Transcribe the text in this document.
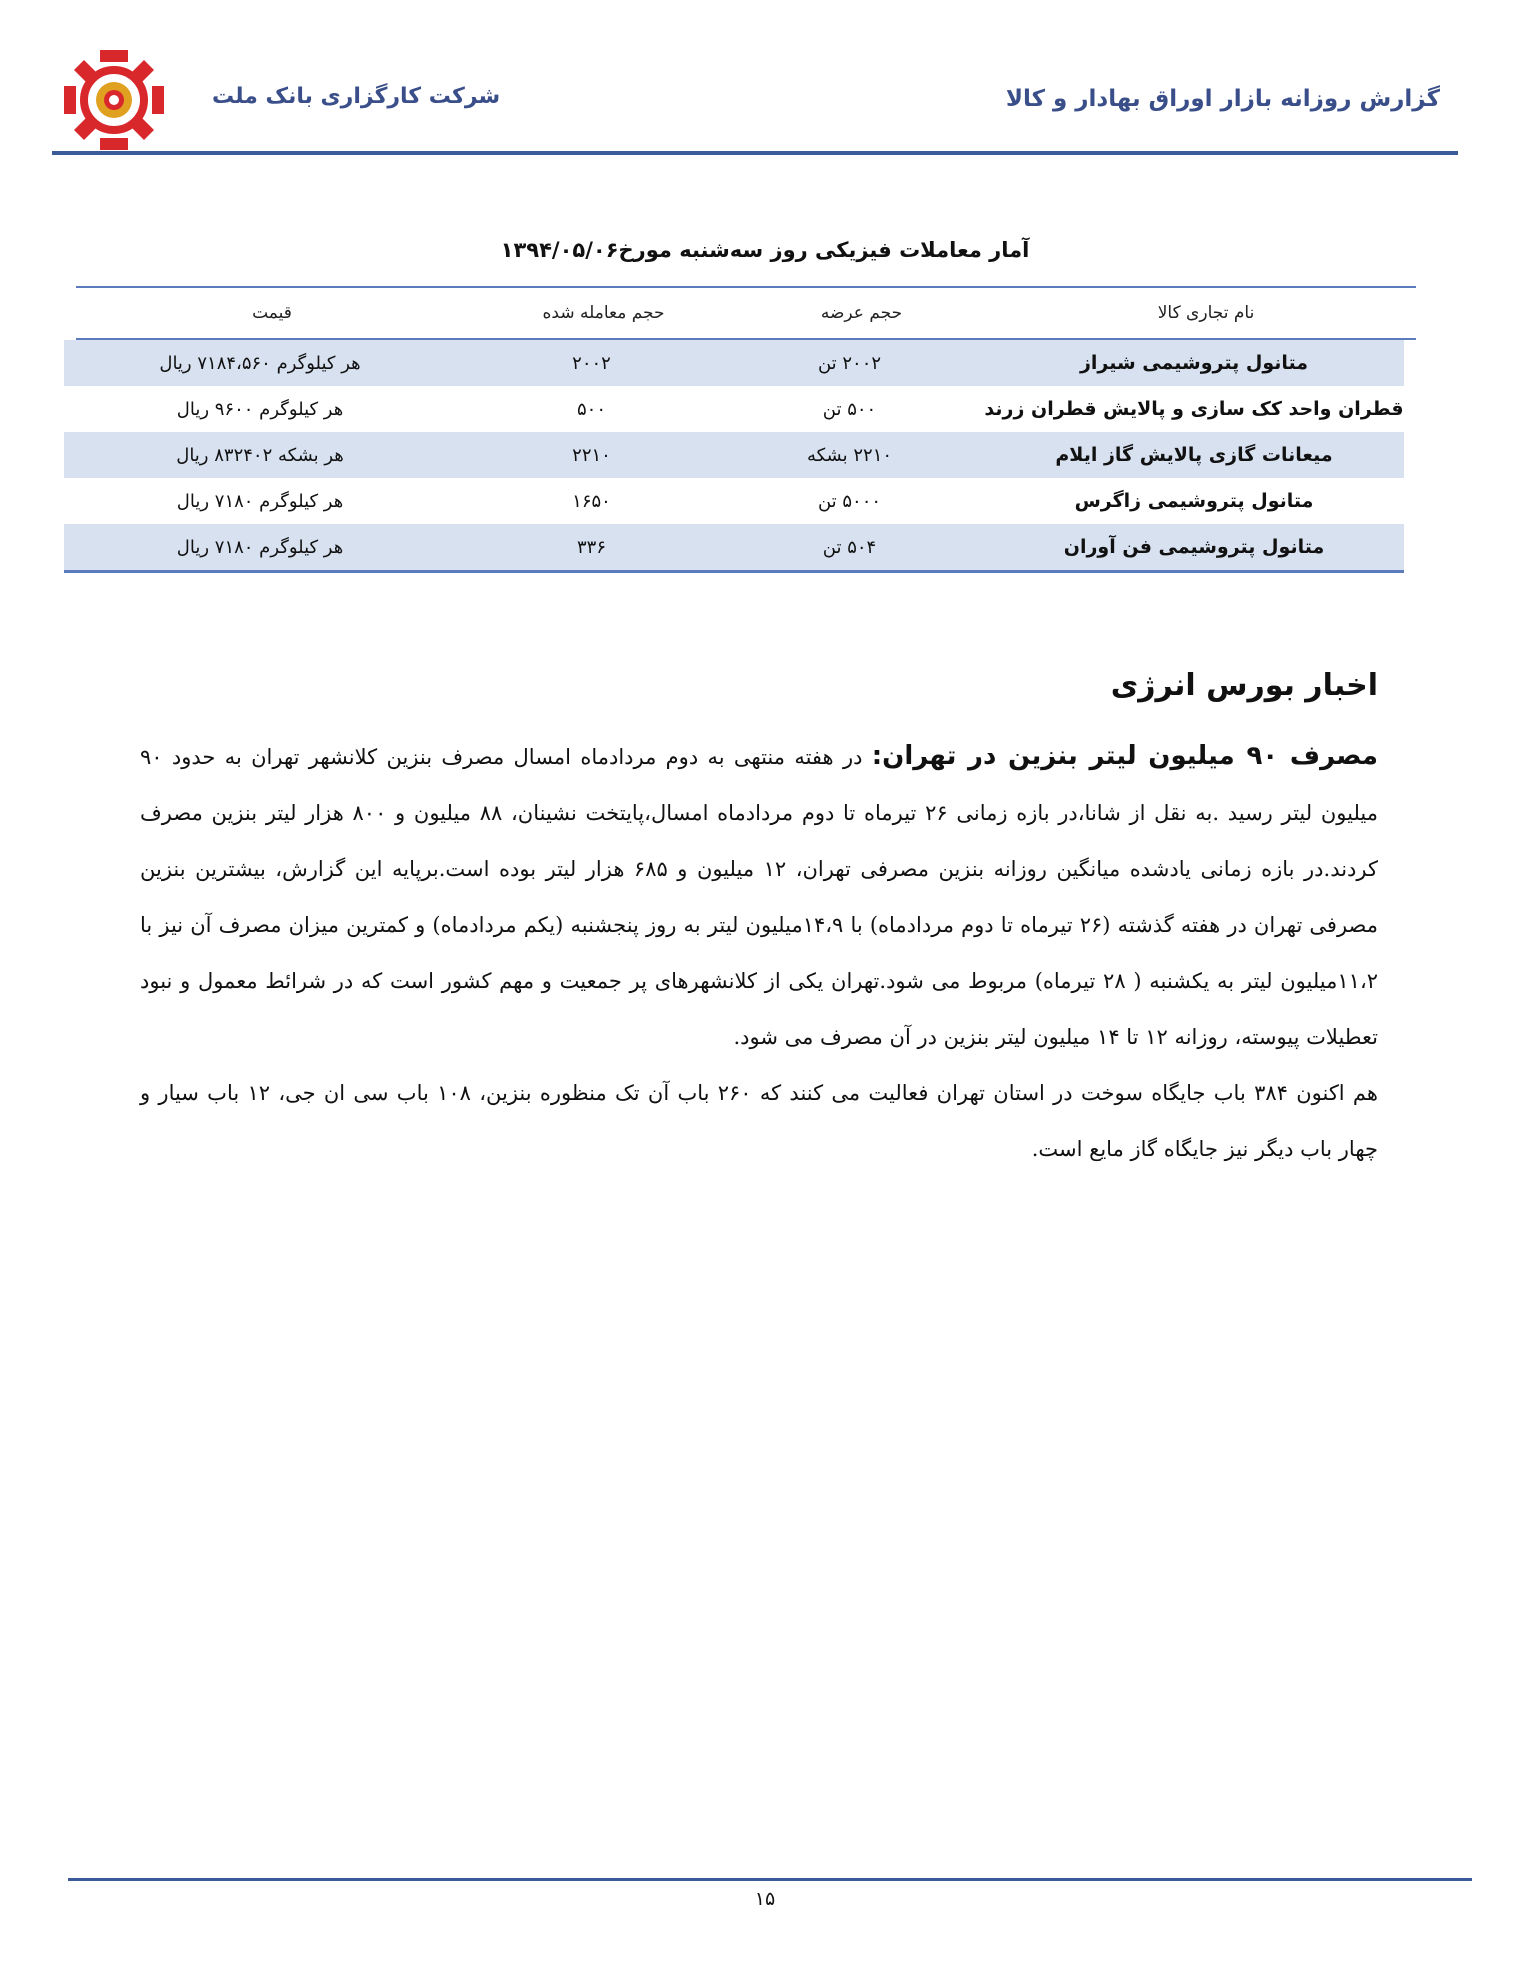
گزارش روزانه بازار اوراق بهادار و کالا
شرکت کارگزاری بانک ملت
آمار معاملات فیزیکی روز سه‌شنبه مورخ۱۳۹۴/۰۵/۰۶
نام تجاری کالا
حجم عرضه
حجم معامله شده
قیمت
متانول پتروشیمی شیراز
۲۰۰۲ تن
۲۰۰۲
هر کیلوگرم ۷۱۸۴،۵۶۰ ریال
قطران واحد کک سازی و پالایش قطران زرند
۵۰۰ تن
۵۰۰
هر کیلوگرم ۹۶۰۰ ریال
میعانات گازی پالایش گاز ایلام
۲۲۱۰ بشکه
۲۲۱۰
هر بشکه ۸۳۲۴۰۲ ریال
متانول پتروشیمی زاگرس
۵۰۰۰ تن
۱۶۵۰
هر کیلوگرم ۷۱۸۰ ریال
متانول پتروشیمی فن آوران
۵۰۴ تن
۳۳۶
هر کیلوگرم ۷۱۸۰ ریال
اخبار بورس انرژی

مصرف ۹۰ میلیون لیتر بنزین در تهران: در هفته منتهی به دوم مردادماه امسال مصرف بنزین کلانشهر تهران به حدود ۹۰ میلیون لیتر رسید .به نقل از شانا،در بازه زمانی ۲۶ تیرماه تا دوم مردادماه امسال،پایتخت نشینان، ۸۸ میلیون و ۸۰۰ هزار لیتر بنزین مصرف کردند.در بازه زمانی یادشده میانگین روزانه بنزین مصرفی تهران، ۱۲ میلیون و ۶۸۵ هزار لیتر بوده است.برپایه این گزارش، بیشترین بنزین مصرفی تهران در هفته گذشته (۲۶ تیرماه تا دوم مردادماه) با ۱۴،۹میلیون لیتر به روز پنجشنبه (یکم مردادماه) و کمترین میزان مصرف آن نیز با ۱۱،۲میلیون لیتر به یکشنبه ( ۲۸ تیرماه) مربوط می شود.تهران یکی از کلانشهرهای پر جمعیت و مهم کشور است که در شرائط معمول و نبود تعطیلات پیوسته، روزانه ۱۲ تا ۱۴ میلیون لیتر بنزین در آن مصرف می شود.

هم اکنون ۳۸۴ باب جایگاه سوخت در استان تهران فعالیت می کنند که ۲۶۰ باب آن تک منظوره بنزین، ۱۰۸ باب سی ان جی، ۱۲ باب سیار و چهار باب دیگر نیز جایگاه گاز مایع است.

۱۵
